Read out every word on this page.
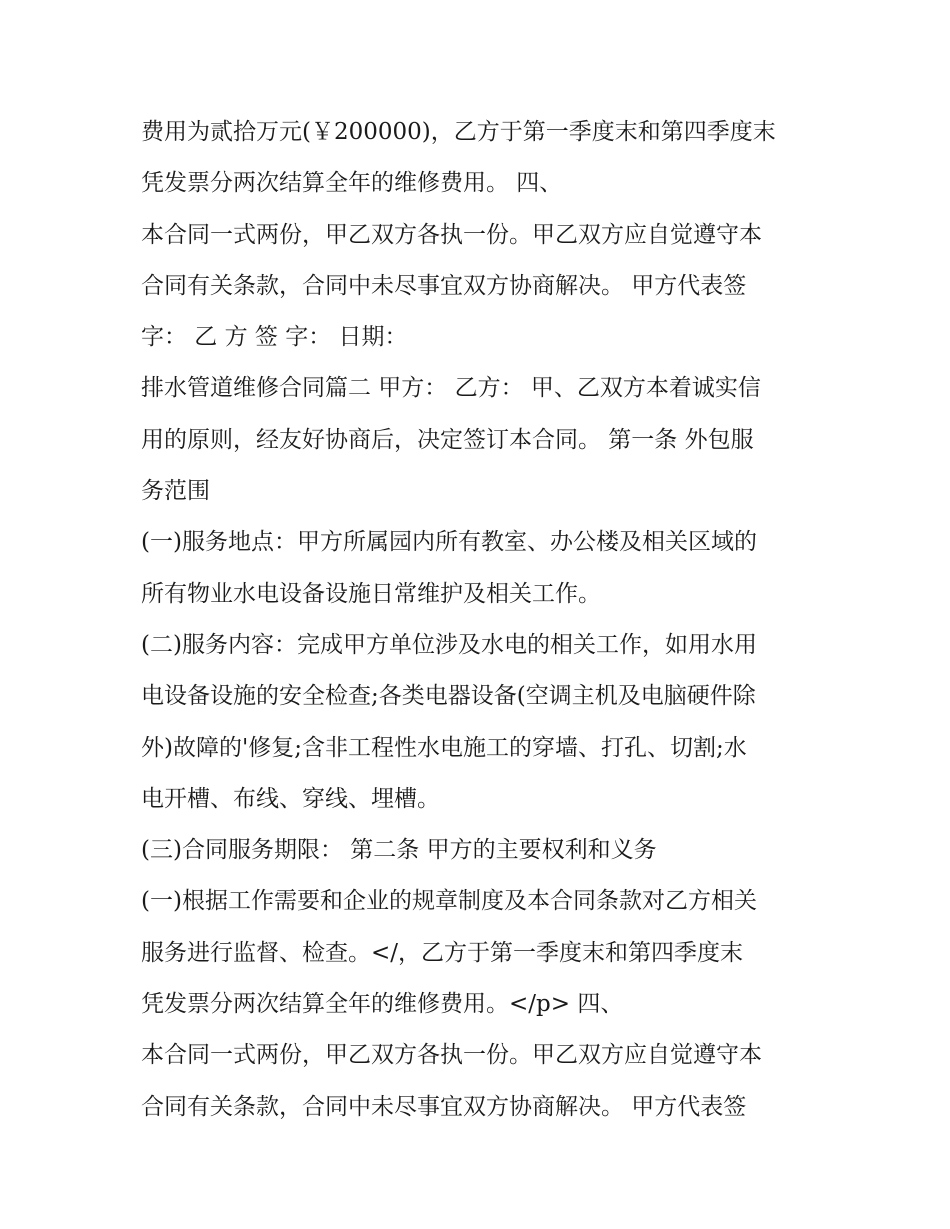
费用为贰拾万元(￥200000)，乙方于第一季度末和第四季度末
凭发票分两次结算全年的维修费用。 四、
本合同一式两份，甲乙双方各执一份。甲乙双方应自觉遵守本
合同有关条款，合同中未尽事宜双方协商解决。 甲方代表签
字： 乙 方 签 字： 日期：
排水管道维修合同篇二 甲方： 乙方： 甲、乙双方本着诚实信
用的原则，经友好协商后，决定签订本合同。 第一条 外包服
务范围
(一)服务地点：甲方所属园内所有教室、办公楼及相关区域的
所有物业水电设备设施日常维护及相关工作。
(二)服务内容：完成甲方单位涉及水电的相关工作，如用水用
电设备设施的安全检查;各类电器设备(空调主机及电脑硬件除
外)故障的'修复;含非工程性水电施工的穿墙、打孔、切割;水
电开槽、布线、穿线、埋槽。
(三)合同服务期限： 第二条 甲方的主要权利和义务
(一)根据工作需要和企业的规章制度及本合同条款对乙方相关
服务进行监督、检查。</，乙方于第一季度末和第四季度末
凭发票分两次结算全年的维修费用。</p> 四、
本合同一式两份，甲乙双方各执一份。甲乙双方应自觉遵守本
合同有关条款，合同中未尽事宜双方协商解决。 甲方代表签
